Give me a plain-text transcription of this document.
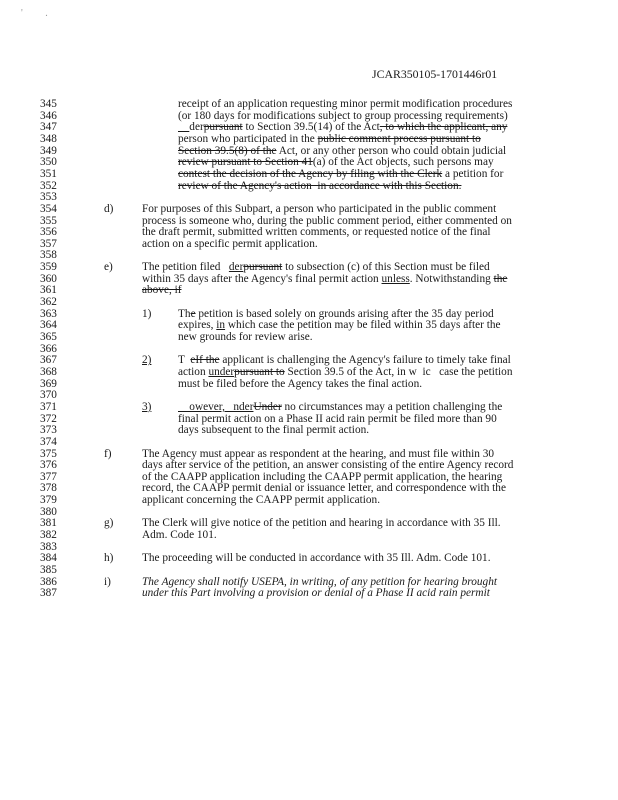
' .
JCAR350105-1701446r01
345	receipt of an application requesting minor permit modification procedures
346	(or 180 days for modifications subject to group processing requirements)
347	derpursuant to Section 39.5(14) of the Act, to which the applicant, any
348	person who participated in the public comment process pursuant to
349	Section 39.5(8) of the Act, or any other person who could obtain judicial
350	review pursuant to Section 41(a) of the Act objects, such persons may
351	contest the decision of the Agency by filing with the Clerk a petition for
352	review of the Agency's action  in accordance with this Section.
353
354	d)	For purposes of this Subpart, a person who participated in the public comment
355	process is someone who, during the public comment period, either commented on
356	the draft permit, submitted written comments, or requested notice of the final
357	action on a specific permit application.
358
359	e)	The petition filed   derpursuant to subsection (c) of this Section must be filed
360	within 35 days after the Agency's final permit action unless. Notwithstanding the
361	above, if
362
363	1) The petition is based solely on grounds arising after the 35 day period
364	expires, in which case the petition may be filed within 35 days after the
365	new grounds for review arise.
366
367	2) T  eIf the applicant is challenging the Agency's failure to timely take final
368	action underpursuant to Section 39.5 of the Act, in w  ic   case the petition
369	must be filed before the Agency takes the final action.
370
371	3) owever,   nderUnder no circumstances may a petition challenging the
372	final permit action on a Phase II acid rain permit be filed more than 90
373	days subsequent to the final permit action.
374
375	f)	The Agency must appear as respondent at the hearing, and must file within 30
376	days after service of the petition, an answer consisting of the entire Agency record
377	of the CAAPP application including the CAAPP permit application, the hearing
378	record, the CAAPP permit denial or issuance letter, and correspondence with the
379	applicant concerning the CAAPP permit application.
380
381	g)	The Clerk will give notice of the petition and hearing in accordance with 35 Ill.
382	Adm. Code 101.
383
384	h)	The proceeding will be conducted in accordance with 35 Ill. Adm. Code 101.
385
386	i)	The Agency shall notify USEPA, in writing, of any petition for hearing brought
387	under this Part involving a provision or denial of a Phase II acid rain permit
